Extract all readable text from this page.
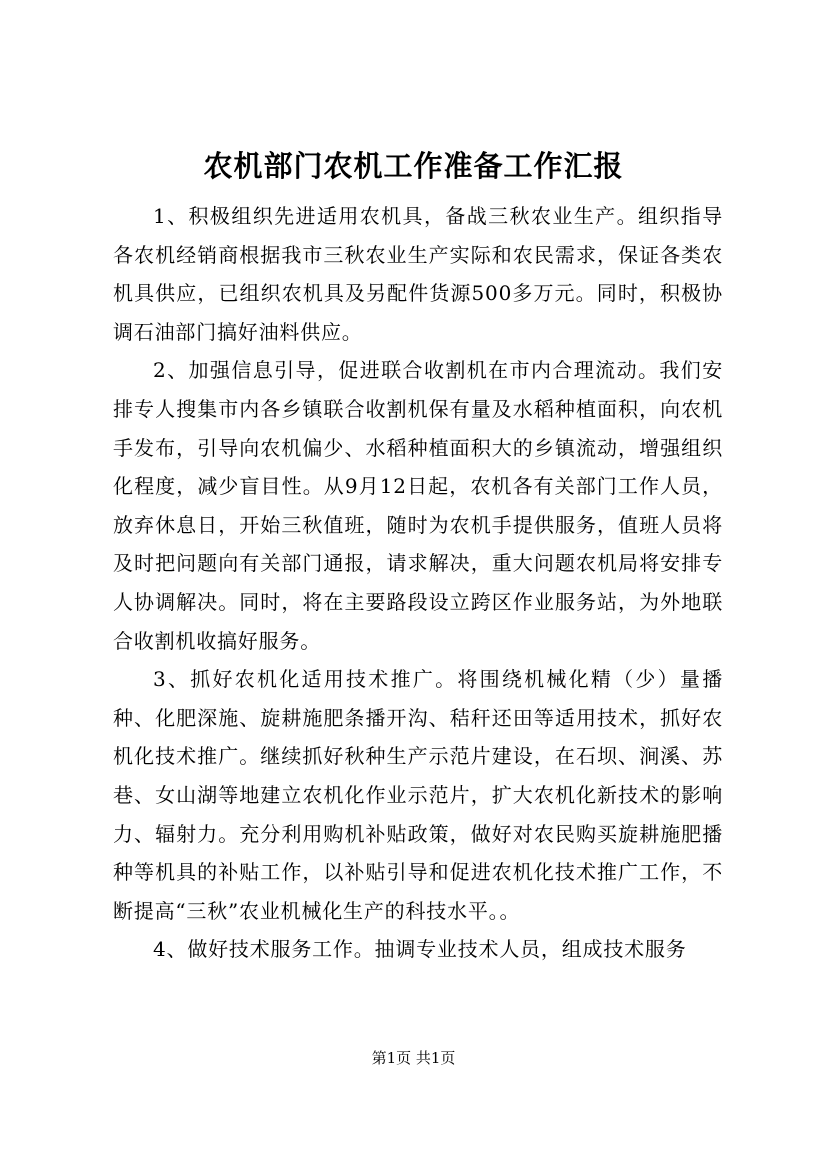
农机部门农机工作准备工作汇报

1、积极组织先进适用农机具，备战三秋农业生产。组织指导各农机经销商根据我市三秋农业生产实际和农民需求，保证各类农机具供应，已组织农机具及另配件货源500多万元。同时，积极协调石油部门搞好油料供应。

2、加强信息引导，促进联合收割机在市内合理流动。我们安排专人搜集市内各乡镇联合收割机保有量及水稻种植面积，向农机手发布，引导向农机偏少、水稻种植面积大的乡镇流动，增强组织化程度，减少盲目性。从9月12日起，农机各有关部门工作人员，放弃休息日，开始三秋值班，随时为农机手提供服务，值班人员将及时把问题向有关部门通报，请求解决，重大问题农机局将安排专人协调解决。同时，将在主要路段设立跨区作业服务站，为外地联合收割机收搞好服务。

3、抓好农机化适用技术推广。将围绕机械化精（少）量播种、化肥深施、旋耕施肥条播开沟、秸秆还田等适用技术，抓好农机化技术推广。继续抓好秋种生产示范片建设，在石坝、涧溪、苏巷、女山湖等地建立农机化作业示范片，扩大农机化新技术的影响力、辐射力。充分利用购机补贴政策，做好对农民购买旋耕施肥播种等机具的补贴工作，以补贴引导和促进农机化技术推广工作，不断提高“三秋”农业机械化生产的科技水平。。

4、做好技术服务工作。抽调专业技术人员，组成技术服务

第1页 共1页
